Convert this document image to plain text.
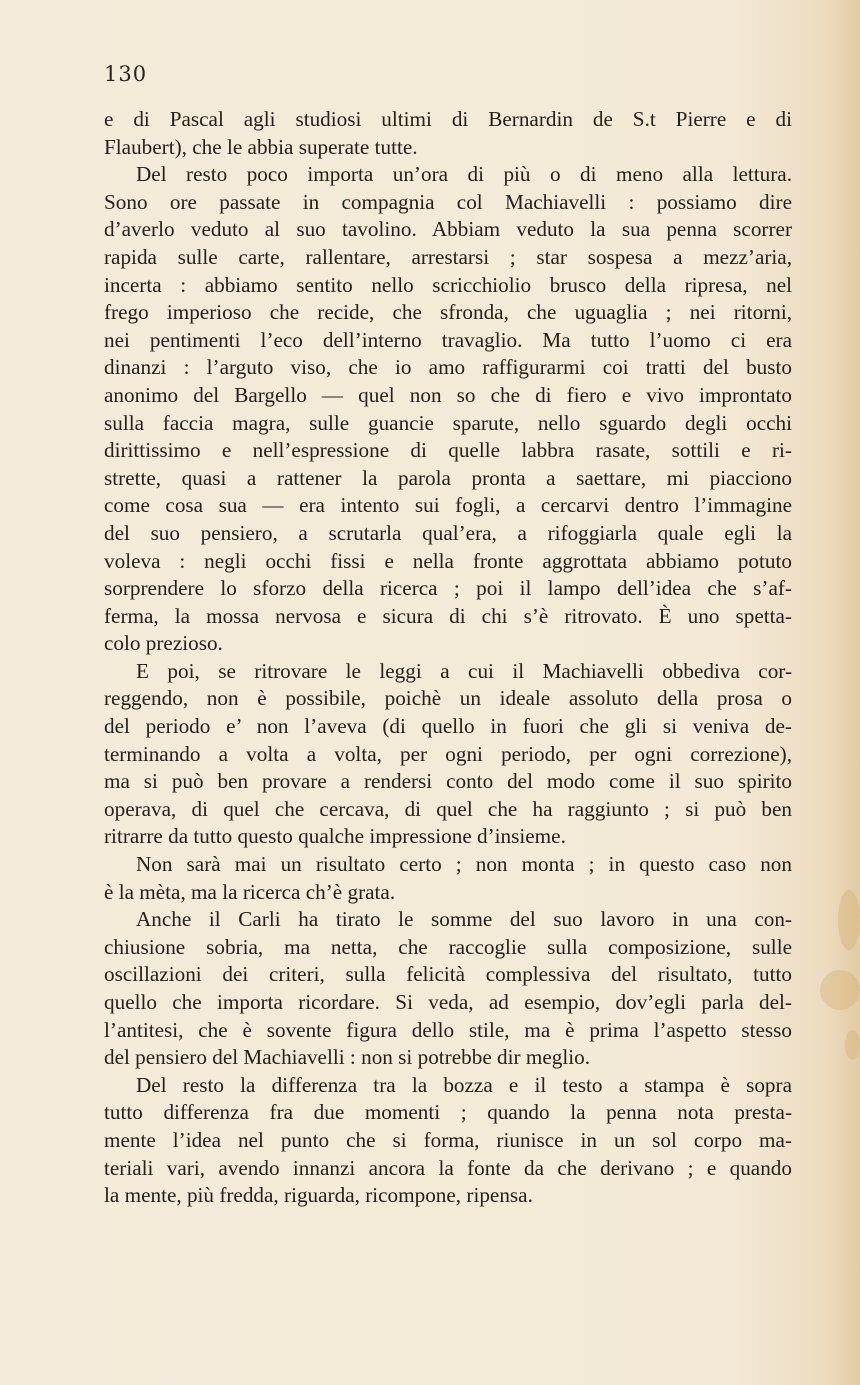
130
e di Pascal agli studiosi ultimi di Bernardin de S.t Pierre e di
Flaubert), che le abbia superate tutte.
Del resto poco importa un’ora di più o di meno alla lettura.
Sono ore passate in compagnia col Machiavelli : possiamo dire
d’averlo veduto al suo tavolino. Abbiam veduto la sua penna scorrer
rapida sulle carte, rallentare, arrestarsi ; star sospesa a mezz’aria,
incerta : abbiamo sentito nello scricchiolio brusco della ripresa, nel
frego imperioso che recide, che sfronda, che uguaglia ; nei ritorni,
nei pentimenti l’eco dell’interno travaglio. Ma tutto l’uomo ci era
dinanzi : l’arguto viso, che io amo raffigurarmi coi tratti del busto
anonimo del Bargello — quel non so che di fiero e vivo improntato
sulla faccia magra, sulle guancie sparute, nello sguardo degli occhi
dirittissimo e nell’espressione di quelle labbra rasate, sottili e ri-
strette, quasi a rattener la parola pronta a saettare, mi piacciono
come cosa sua — era intento sui fogli, a cercarvi dentro l’immagine
del suo pensiero, a scrutarla qual’era, a rifoggiarla quale egli la
voleva : negli occhi fissi e nella fronte aggrottata abbiamo potuto
sorprendere lo sforzo della ricerca ; poi il lampo dell’idea che s’af-
ferma, la mossa nervosa e sicura di chi s’è ritrovato. È uno spetta-
colo prezioso.
E poi, se ritrovare le leggi a cui il Machiavelli obbediva cor-
reggendo, non è possibile, poichè un ideale assoluto della prosa o
del periodo e’ non l’aveva (di quello in fuori che gli si veniva de-
terminando a volta a volta, per ogni periodo, per ogni correzione),
ma si può ben provare a rendersi conto del modo come il suo spirito
operava, di quel che cercava, di quel che ha raggiunto ; si può ben
ritrarre da tutto questo qualche impressione d’insieme.
Non sarà mai un risultato certo ; non monta ; in questo caso non
è la mèta, ma la ricerca ch’è grata.
Anche il Carli ha tirato le somme del suo lavoro in una con-
chiusione sobria, ma netta, che raccoglie sulla composizione, sulle
oscillazioni dei criteri, sulla felicità complessiva del risultato, tutto
quello che importa ricordare. Si veda, ad esempio, dov’egli parla del-
l’antitesi, che è sovente figura dello stile, ma è prima l’aspetto stesso
del pensiero del Machiavelli : non si potrebbe dir meglio.
Del resto la differenza tra la bozza e il testo a stampa è sopra
tutto differenza fra due momenti ; quando la penna nota presta-
mente l’idea nel punto che si forma, riunisce in un sol corpo ma-
teriali vari, avendo innanzi ancora la fonte da che derivano ; e quando
la mente, più fredda, riguarda, ricompone, ripensa.
